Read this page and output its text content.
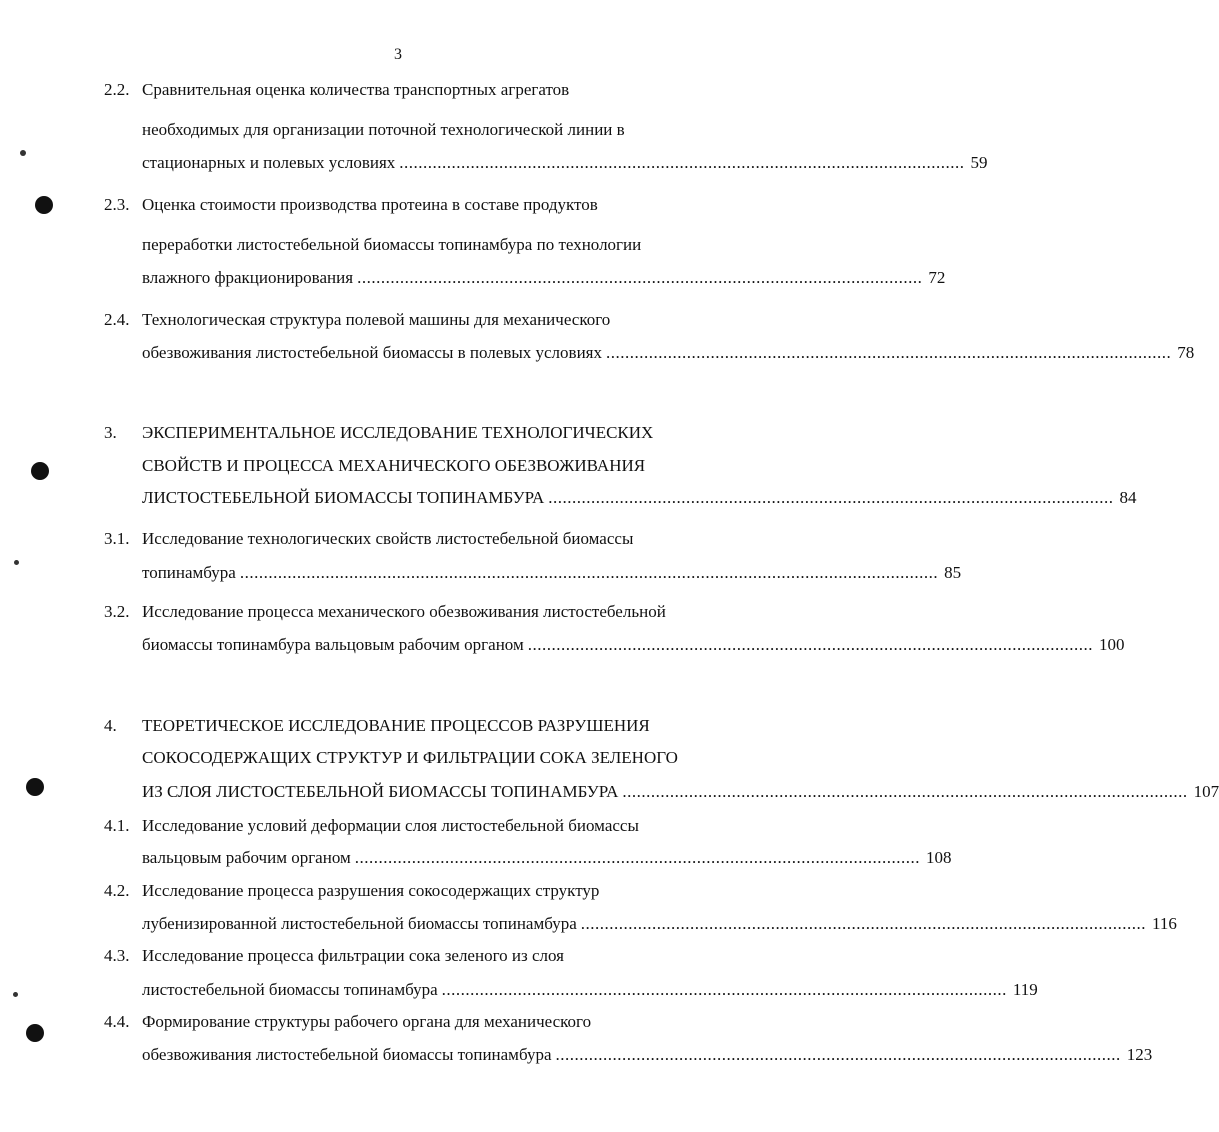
3
2.2. Сравнительная оценка количества транспортных агрегатов
необходимых для организации поточной технологической линии в
стационарных и полевых условиях ....................................................................................................................... 59
2.3. Оценка стоимости производства протеина в составе продуктов
переработки листостебельной биомассы топинамбура по технологии
влажного фракционирования ....................................................................................................................... 72
2.4. Технологическая структура полевой машины для механического
обезвоживания листостебельной биомассы в полевых условиях ....................................................................................................................... 78
3. ЭКСПЕРИМЕНТАЛЬНОЕ ИССЛЕДОВАНИЕ ТЕХНОЛОГИЧЕСКИХ
СВОЙСТВ И ПРОЦЕССА МЕХАНИЧЕСКОГО ОБЕЗВОЖИВАНИЯ
ЛИСТОСТЕБЕЛЬНОЙ БИОМАССЫ ТОПИНАМБУРА ....................................................................................................................... 84
3.1. Исследование технологических свойств листостебельной биомассы
топинамбура ................................................................................................................................................... 85
3.2. Исследование процесса механического обезвоживания листостебельной
биомассы топинамбура вальцовым рабочим органом ....................................................................................................................... 100
4. ТЕОРЕТИЧЕСКОЕ ИССЛЕДОВАНИЕ ПРОЦЕССОВ РАЗРУШЕНИЯ
СОКОСОДЕРЖАЩИХ СТРУКТУР И ФИЛЬТРАЦИИ СОКА ЗЕЛЕНОГО
ИЗ СЛОЯ ЛИСТОСТЕБЕЛЬНОЙ БИОМАССЫ ТОПИНАМБУРА ....................................................................................................................... 107
4.1. Исследование условий деформации слоя листостебельной биомассы
вальцовым рабочим органом ....................................................................................................................... 108
4.2. Исследование процесса разрушения сокосодержащих структур
лубенизированной листостебельной биомассы топинамбура ....................................................................................................................... 116
4.3. Исследование процесса фильтрации сока зеленого из слоя
листостебельной биомассы топинамбура ....................................................................................................................... 119
4.4. Формирование структуры рабочего органа для механического
обезвоживания листостебельной биомассы топинамбура ....................................................................................................................... 123
